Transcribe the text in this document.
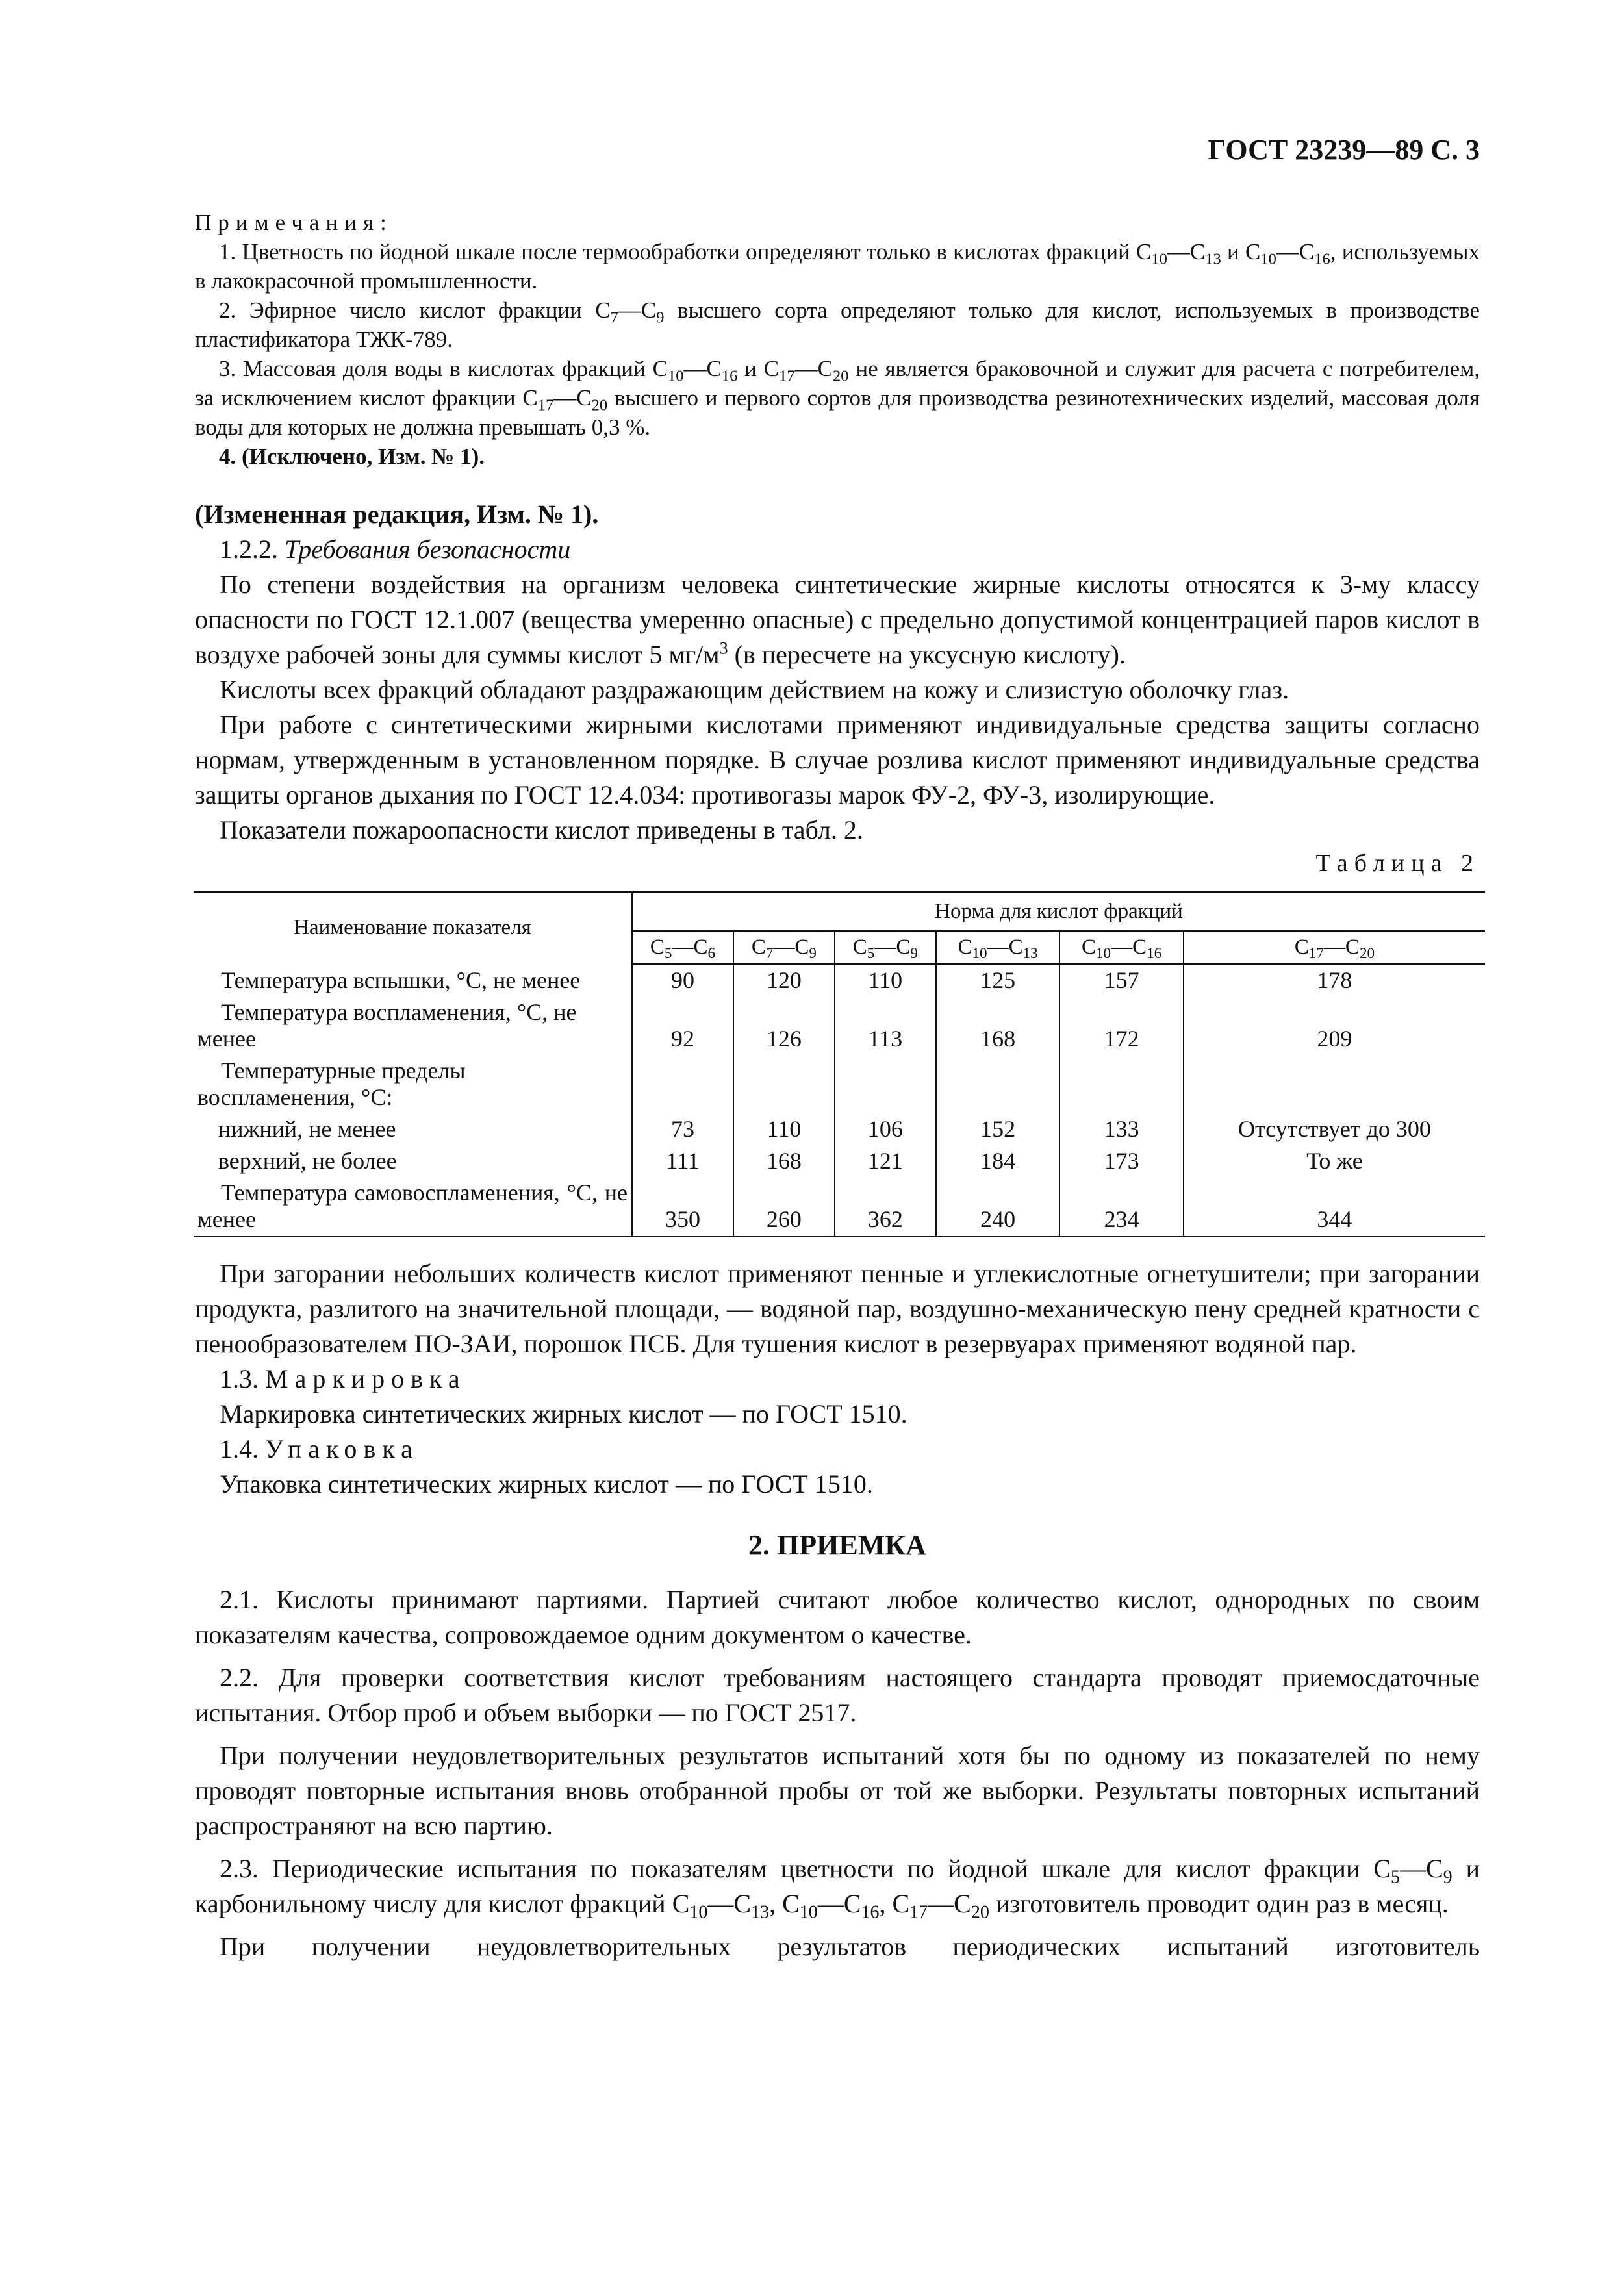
ГОСТ 23239—89 С. 3

Примечания:

1. Цветность по йодной шкале после термообработки определяют только в кислотах фракций $С_{10}—С_{13}$ и $С_{10}—С_{16}$, используемых в лакокрасочной промышленности.

2. Эфирное число кислот фракции $С_7—С_9$ высшего сорта определяют только для кислот, используемых в производстве пластификатора ТЖК-789.

3. Массовая доля воды в кислотах фракций $С_{10}—С_{16}$ и $С_{17}—С_{20}$ не является браковочной и служит для расчета с потребителем, за исключением кислот фракции $С_{17}—С_{20}$ высшего и первого сортов для производства резинотехнических изделий, массовая доля воды для которых не должна превышать 0,3 %.

4. (Исключено, Изм. № 1).

(Измененная редакция, Изм. № 1).

1.2.2. Требования безопасности

По степени воздействия на организм человека синтетические жирные кислоты относятся к 3-му классу опасности по ГОСТ 12.1.007 (вещества умеренно опасные) с предельно допустимой концентрацией паров кислот в воздухе рабочей зоны для суммы кислот 5 $мг/м^3$ (в пересчете на уксусную кислоту).

Кислоты всех фракций обладают раздражающим действием на кожу и слизистую оболочку глаз.

При работе с синтетическими жирными кислотами применяют индивидуальные средства защиты согласно нормам, утвержденным в установленном порядке. В случае розлива кислот применяют индивидуальные средства защиты органов дыхания по ГОСТ 12.4.034: противогазы марок ФУ-2, ФУ-3, изолирующие.

Показатели пожароопасности кислот приведены в табл. 2.

Таблица 2
Наименование показателя	Норма для кислот фракций					
	$C_5—C_6$	$C_7—C_9$	$C_5—C_9$	$C_{10}—C_{13}$	$C_{10}—C_{16}$	$C_{17}—C_{20}$
Температура вспышки, °С, не менее	90	120	110	125	157	178
Температура воспламенения, °С, не менее	92	126	113	168	172	209
Температурные пределы воспламенения, °С:						
нижний, не менее	73	110	106	152	133	Отсутствует до 300
верхний, не более	111	168	121	184	173	То же
Температура самовоспламенения, °С, не менее	350	260	362	240	234	344

При загорании небольших количеств кислот применяют пенные и углекислотные огнетушители; при загорании продукта, разлитого на значительной площади, — водяной пар, воздушно-механическую пену средней кратности с пенообразователем ПО-ЗАИ, порошок ПСБ. Для тушения кислот в резервуарах применяют водяной пар.

1.3. Маркировка

Маркировка синтетических жирных кислот — по ГОСТ 1510.

1.4. Упаковка

Упаковка синтетических жирных кислот — по ГОСТ 1510.

2. ПРИЕМКА

2.1. Кислоты принимают партиями. Партией считают любое количество кислот, однородных по своим показателям качества, сопровождаемое одним документом о качестве.

2.2. Для проверки соответствия кислот требованиям настоящего стандарта проводят приемосдаточные испытания. Отбор проб и объем выборки — по ГОСТ 2517.

При получении неудовлетворительных результатов испытаний хотя бы по одному из показателей по нему проводят повторные испытания вновь отобранной пробы от той же выборки. Результаты повторных испытаний распространяют на всю партию.

2.3. Периодические испытания по показателям цветности по йодной шкале для кислот фракции $С_5—С_9$ и карбонильному числу для кислот фракций $С_{10}—С_{13}$, $С_{10}—С_{16}$, $С_{17}—С_{20}$ изготовитель проводит один раз в месяц.

При получении неудовлетворительных результатов периодических испытаний изготовитель
